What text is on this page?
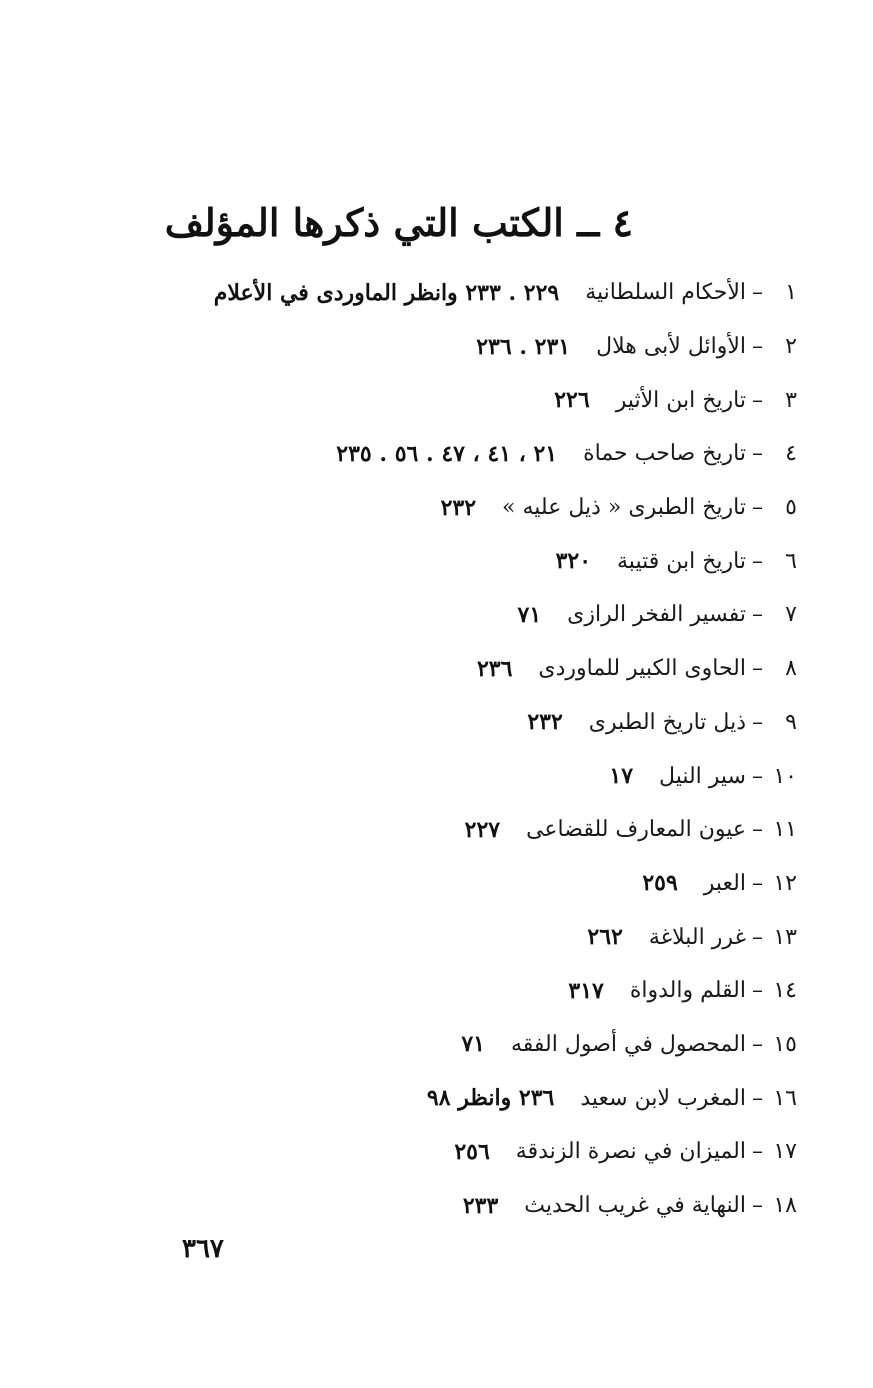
٤ ــ الكتب التي ذكرها المؤلف
١
–
الأحكام السلطانية
٢٢٩ . ٢٣٣ وانظر الماوردى في الأعلام
٢
–
الأوائل لأبى هلال
٢٣١ . ٢٣٦
٣
–
تاريخ ابن الأثير
٢٢٦
٤
–
تاريخ صاحب حماة
٢١ ، ٤١ ، ٤٧ . ٥٦ . ٢٣٥
٥
–
تاريخ الطبرى « ذيل عليه »
٢٣٢
٦
–
تاريخ ابن قتيبة
٣٢٠
٧
–
تفسير الفخر الرازى
٧١
٨
–
الحاوى الكبير للماوردى
٢٣٦
٩
–
ذيل تاريخ الطبرى
٢٣٢
١٠
–
سير النيل
١٧
١١
–
عيون المعارف للقضاعى
٢٢٧
١٢
–
العبر
٢٥٩
١٣
–
غرر البلاغة
٢٦٢
١٤
–
القلم والدواة
٣١٧
١٥
–
المحصول في أصول الفقه
٧١
١٦
–
المغرب لابن سعيد
٢٣٦ وانظر ٩٨
١٧
–
الميزان في نصرة الزندقة
٢٥٦
١٨
–
النهاية في غريب الحديث
٢٣٣
٣٦٧
